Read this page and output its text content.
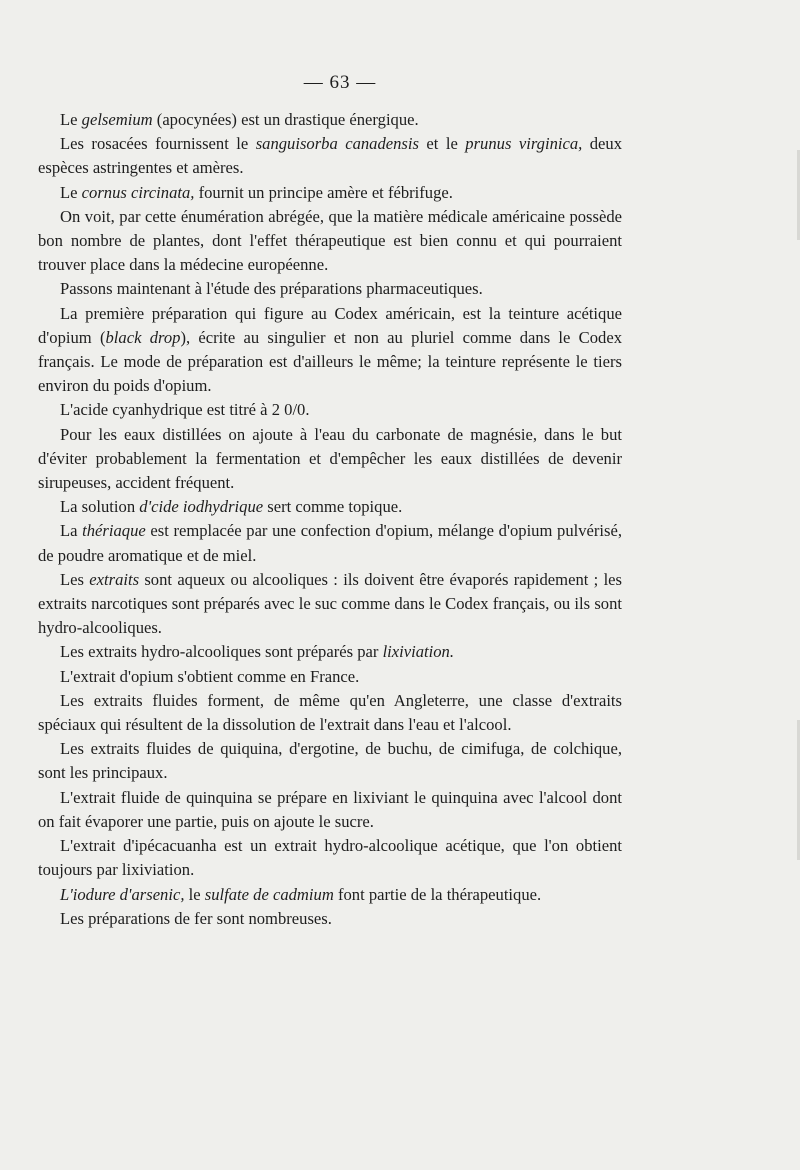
— 63 —

Le gelsemium (apocynées) est un drastique énergique.

Les rosacées fournissent le sanguisorba canadensis et le prunus virginica, deux espèces astringentes et amères.

Le cornus circinata, fournit un principe amère et fébrifuge.

On voit, par cette énumération abrégée, que la matière médicale américaine possède bon nombre de plantes, dont l'effet thérapeutique est bien connu et qui pourraient trouver place dans la médecine européenne.

Passons maintenant à l'étude des préparations pharmaceutiques.

La première préparation qui figure au Codex américain, est la teinture acétique d'opium (black drop), écrite au singulier et non au pluriel comme dans le Codex français. Le mode de préparation est d'ailleurs le même; la teinture représente le tiers environ du poids d'opium.

L'acide cyanhydrique est titré à 2 0/0.

Pour les eaux distillées on ajoute à l'eau du carbonate de magnésie, dans le but d'éviter probablement la fermentation et d'empêcher les eaux distillées de devenir sirupeuses, accident fréquent.

La solution d'cide iodhydrique sert comme topique.

La thériaque est remplacée par une confection d'opium, mélange d'opium pulvérisé, de poudre aromatique et de miel.

Les extraits sont aqueux ou alcooliques : ils doivent être évaporés rapidement ; les extraits narcotiques sont préparés avec le suc comme dans le Codex français, ou ils sont hydro-alcooliques.

Les extraits hydro-alcooliques sont préparés par lixiviation.

L'extrait d'opium s'obtient comme en France.

Les extraits fluides forment, de même qu'en Angleterre, une classe d'extraits spéciaux qui résultent de la dissolution de l'extrait dans l'eau et l'alcool.

Les extraits fluides de quiquina, d'ergotine, de buchu, de cimifuga, de colchique, sont les principaux.

L'extrait fluide de quinquina se prépare en lixiviant le quinquina avec l'alcool dont on fait évaporer une partie, puis on ajoute le sucre.

L'extrait d'ipécacuanha est un extrait hydro-alcoolique acétique, que l'on obtient toujours par lixiviation.

L'iodure d'arsenic, le sulfate de cadmium font partie de la thérapeutique.

Les préparations de fer sont nombreuses.
